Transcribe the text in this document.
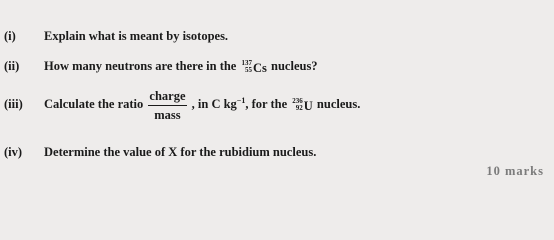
(i) Explain what is meant by isotopes.
(ii) How many neutrons are there in the 137
55 Cs nucleus?
(iii) Calculate the ratio $\frac{\text{charge}}{\text{mass}}$ , in C $kg^{-1}$, for the 236
92 U nucleus.
(iv) Determine the value of X for the rubidium nucleus.
10 marks
